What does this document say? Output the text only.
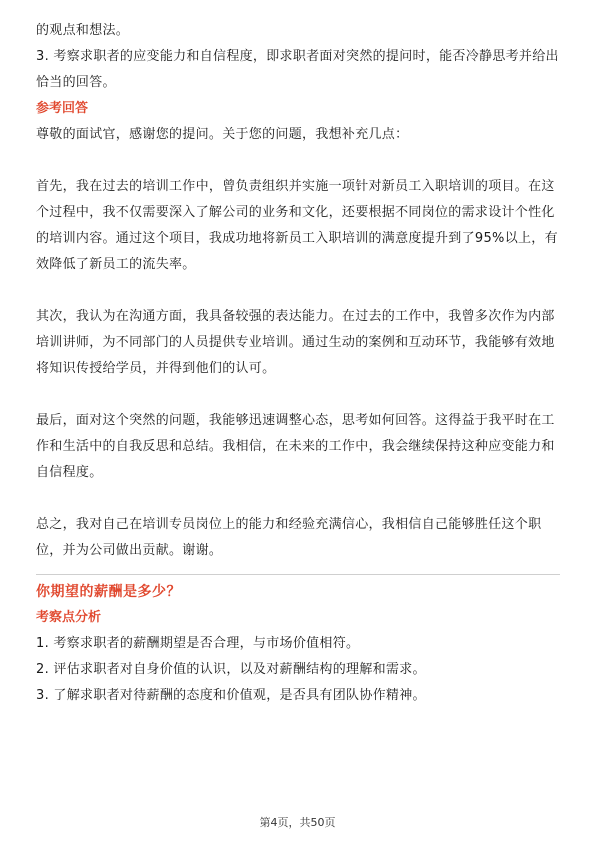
的观点和想法。

3. 考察求职者的应变能力和自信程度，即求职者面对突然的提问时，能否冷静思考并给出恰当的回答。

参考回答

尊敬的面试官，感谢您的提问。关于您的问题，我想补充几点：

首先，我在过去的培训工作中，曾负责组织并实施一项针对新员工入职培训的项目。在这个过程中，我不仅需要深入了解公司的业务和文化，还要根据不同岗位的需求设计个性化的培训内容。通过这个项目，我成功地将新员工入职培训的满意度提升到了95%以上，有效降低了新员工的流失率。

其次，我认为在沟通方面，我具备较强的表达能力。在过去的工作中，我曾多次作为内部培训讲师，为不同部门的人员提供专业培训。通过生动的案例和互动环节，我能够有效地将知识传授给学员，并得到他们的认可。

最后，面对这个突然的问题，我能够迅速调整心态，思考如何回答。这得益于我平时在工作和生活中的自我反思和总结。我相信，在未来的工作中，我会继续保持这种应变能力和自信程度。

总之，我对自己在培训专员岗位上的能力和经验充满信心，我相信自己能够胜任这个职位，并为公司做出贡献。谢谢。

你期望的薪酬是多少？

考察点分析

1. 考察求职者的薪酬期望是否合理，与市场价值相符。

2. 评估求职者对自身价值的认识，以及对薪酬结构的理解和需求。

3. 了解求职者对待薪酬的态度和价值观，是否具有团队协作精神。

第4页，共50页
